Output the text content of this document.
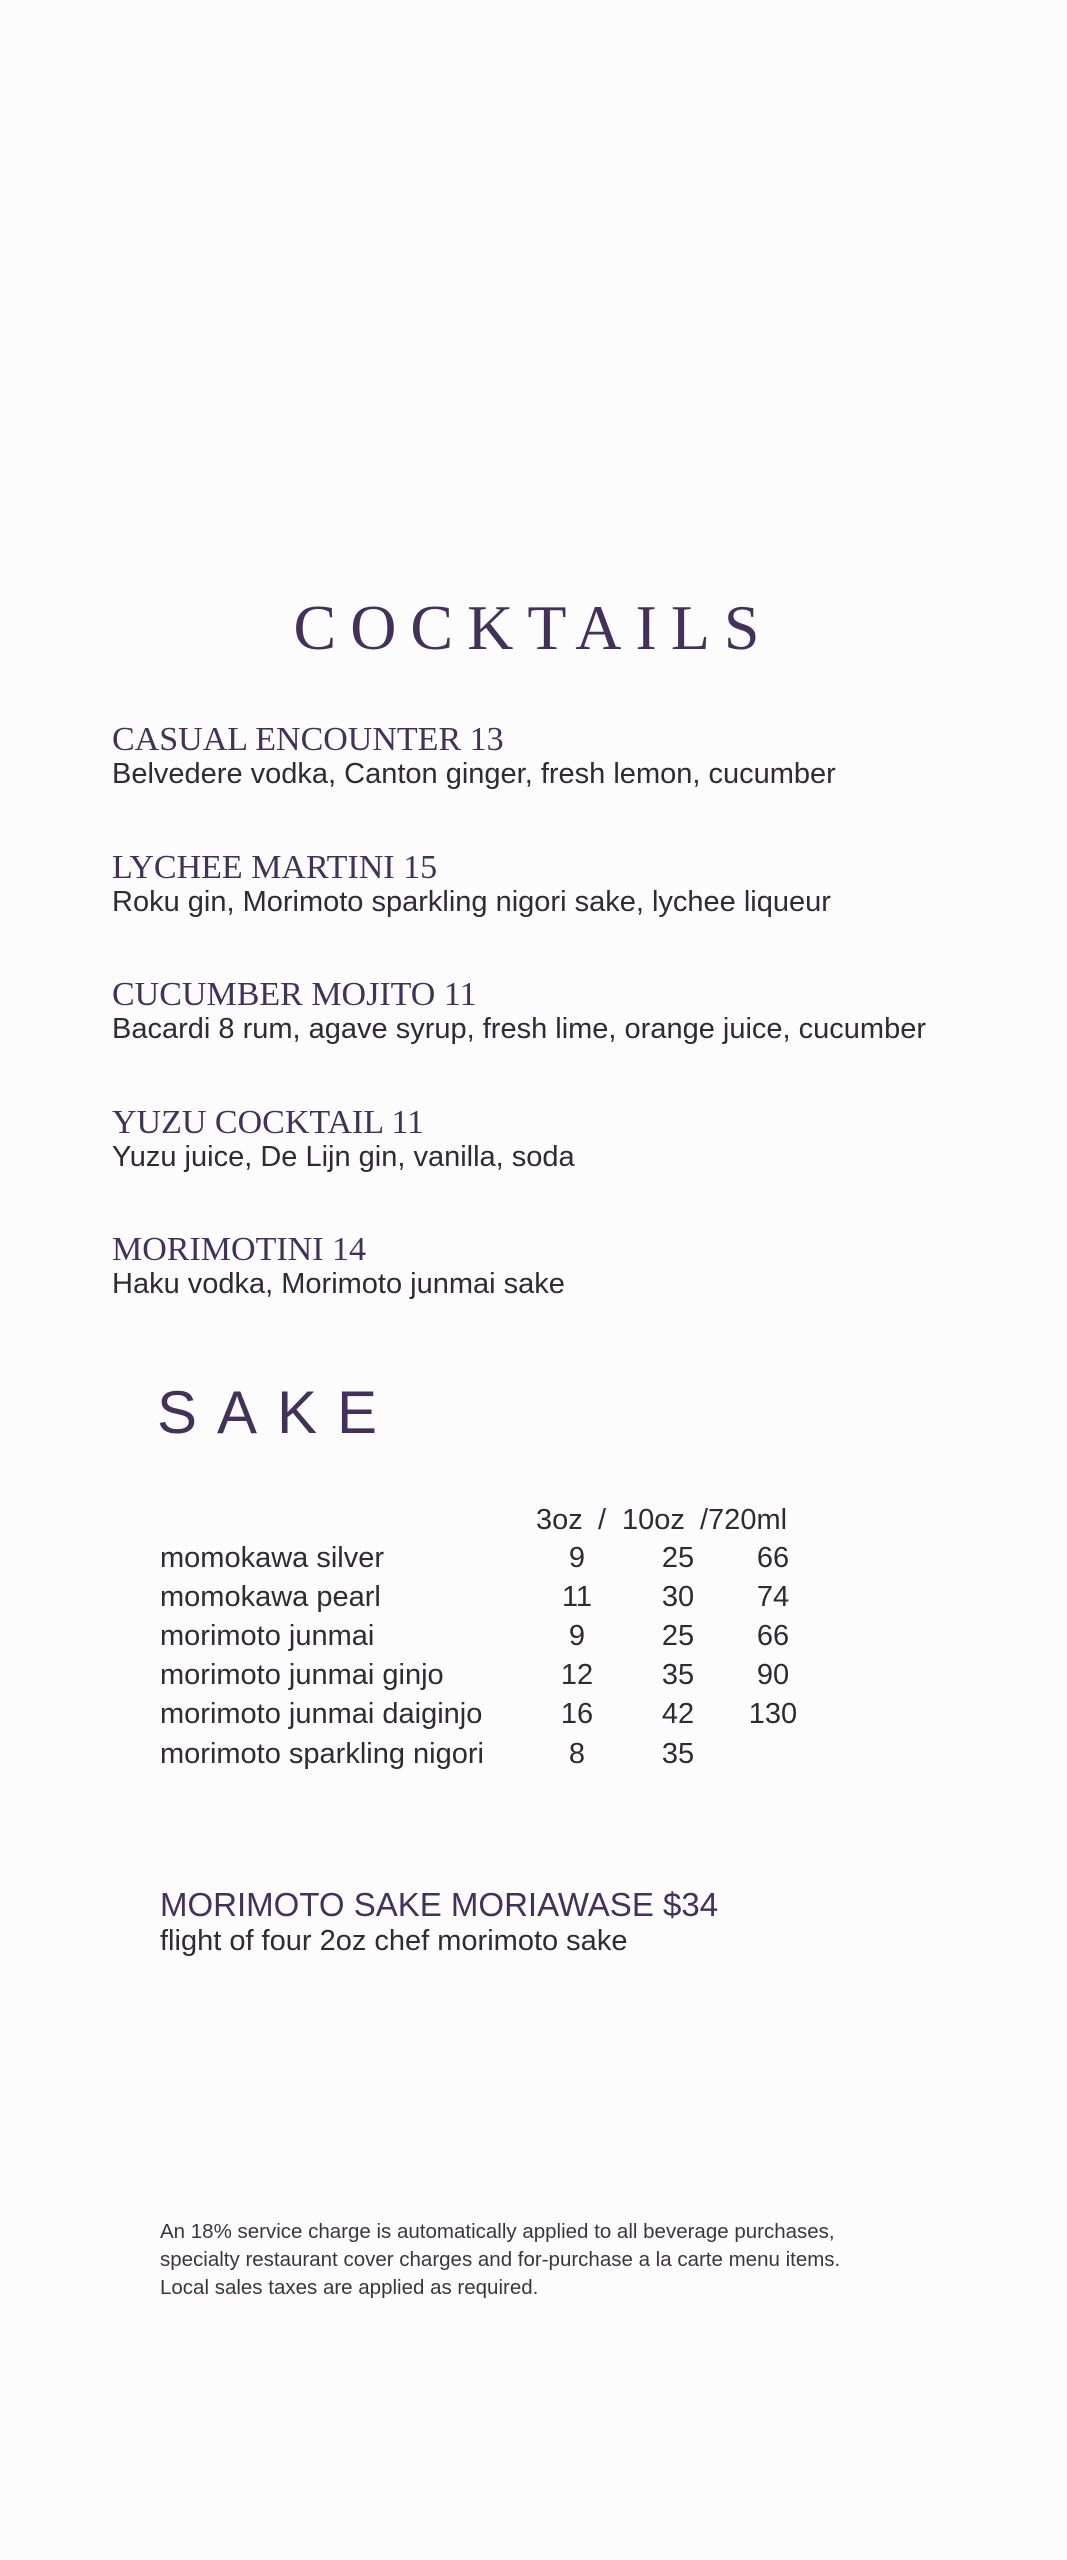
COCKTAILS
CASUAL ENCOUNTER 13
Belvedere vodka, Canton ginger, fresh lemon, cucumber
LYCHEE MARTINI 15
Roku gin, Morimoto sparkling nigori sake, lychee liqueur
CUCUMBER MOJITO 11
Bacardi 8 rum, agave syrup, fresh lime, orange juice, cucumber
YUZU COCKTAIL 11
Yuzu juice, De Lijn gin, vanilla, soda
MORIMOTINI 14
Haku vodka, Morimoto junmai sake
SAKE
3oz / 10oz /720ml
momokawa silver	9	25	66
momokawa pearl	11	30	74
morimoto junmai	9	25	66
morimoto junmai ginjo	12	35	90
morimoto junmai daiginjo	16	42	130
morimoto sparkling nigori	8	35
MORIMOTO SAKE MORIAWASE $34
flight of four 2oz chef morimoto sake
An 18% service charge is automatically applied to all beverage purchases,
specialty restaurant cover charges and for-purchase a la carte menu items.
Local sales taxes are applied as required.
